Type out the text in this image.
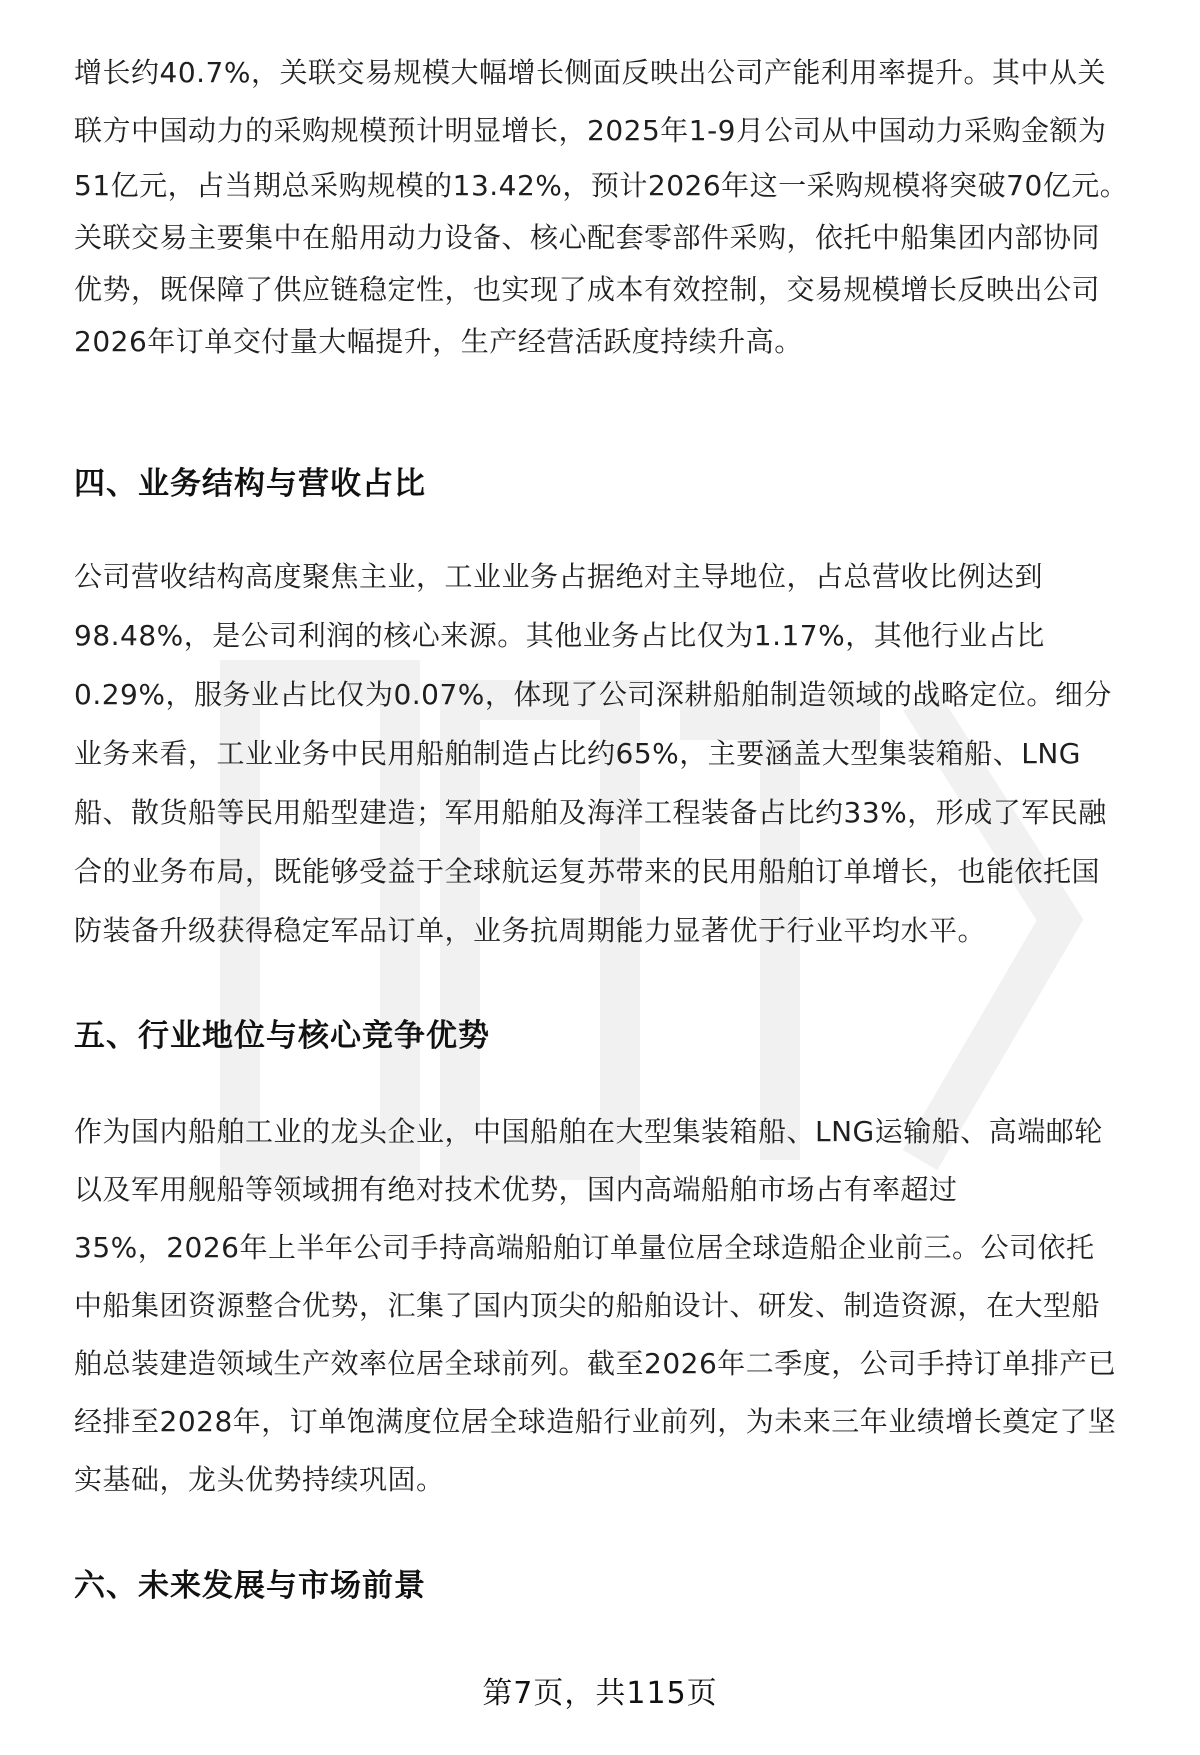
增长约40.7%，关联交易规模大幅增长侧面反映出公司产能利用率提升。其中从关
联方中国动力的采购规模预计明显增长，2025年1-9月公司从中国动力采购金额为
51亿元，占当期总采购规模的13.42%，预计2026年这一采购规模将突破70亿元。
关联交易主要集中在船用动力设备、核心配套零部件采购，依托中船集团内部协同
优势，既保障了供应链稳定性，也实现了成本有效控制，交易规模增长反映出公司
2026年订单交付量大幅提升，生产经营活跃度持续升高。
四、业务结构与营收占比
公司营收结构高度聚焦主业，工业业务占据绝对主导地位，占总营收比例达到
98.48%，是公司利润的核心来源。其他业务占比仅为1.17%，其他行业占比
0.29%，服务业占比仅为0.07%，体现了公司深耕船舶制造领域的战略定位。细分
业务来看，工业业务中民用船舶制造占比约65%，主要涵盖大型集装箱船、LNG
船、散货船等民用船型建造；军用船舶及海洋工程装备占比约33%，形成了军民融
合的业务布局，既能够受益于全球航运复苏带来的民用船舶订单增长，也能依托国
防装备升级获得稳定军品订单，业务抗周期能力显著优于行业平均水平。
五、行业地位与核心竞争优势
作为国内船舶工业的龙头企业，中国船舶在大型集装箱船、LNG运输船、高端邮轮
以及军用舰船等领域拥有绝对技术优势，国内高端船舶市场占有率超过
35%，2026年上半年公司手持高端船舶订单量位居全球造船企业前三。公司依托
中船集团资源整合优势，汇集了国内顶尖的船舶设计、研发、制造资源，在大型船
舶总装建造领域生产效率位居全球前列。截至2026年二季度，公司手持订单排产已
经排至2028年，订单饱满度位居全球造船行业前列，为未来三年业绩增长奠定了坚
实基础，龙头优势持续巩固。
六、未来发展与市场前景
第7页，共115页
